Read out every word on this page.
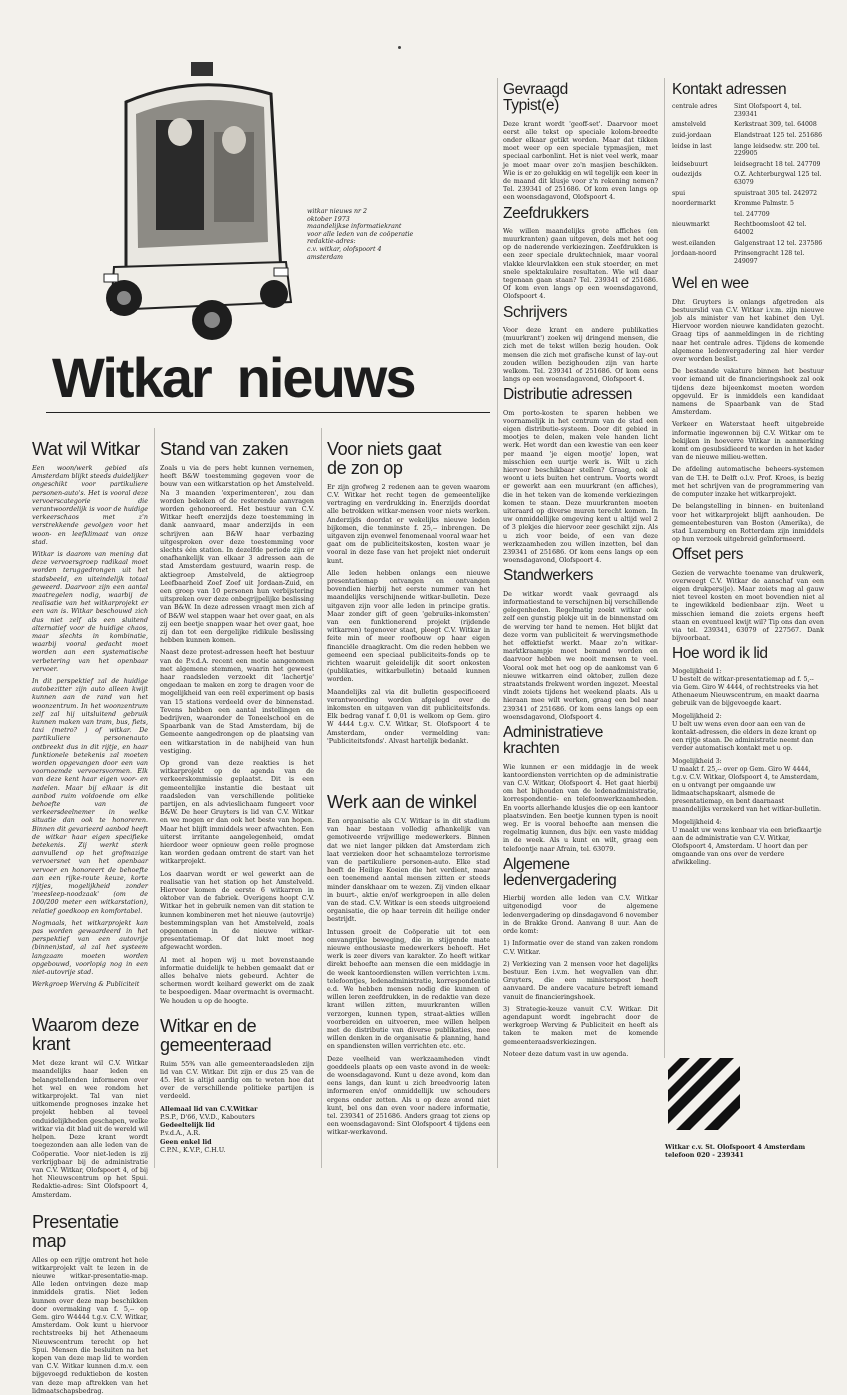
witkar nieuws nr 2
oktober 1973
maandelijkse informatiekrant
voor alle leden van de coöperatie
redaktie-adres:
c.v. witkar, olofspoort 4
amsterdam
Witkar nieuws
Wat wil Witkar

Een woon/werk gebied als Amsterdam blijkt steeds duidelijker ongeschikt voor partikuliere personen-auto's. Het is vooral deze vervoerscategorie die verantwoordelijk is voor de huidige verkeerschaos met z'n verstrekkende gevolgen voor het woon- en leefklimaat van onze stad.

Witkar is daarom van mening dat deze vervoersgroep radikaal moet worden teruggedrongen uit het stadsbeeld, en uiteindelijk totaal geweerd. Daarvoor zijn een aantal maatregelen nodig, waarbij de realisatie van het witkarprojekt er een van is. Witkar beschouwd zich dus niet zelf als een sluitend alternatief voor de huidige chaos, maar slechts in kombinatie, waarbij vooral gedacht moet worden aan een systematische verbetering van het openbaar vervoer.

In dit perspektief zal de huidige autobezitter zijn auto alleen kwijt kunnen aan de rand van het woonzentrum. In het woonzentrum zelf zal hij uitsluitend gebruik kunnen maken van tram, bus, fiets, taxi (metro? ) of witkar. De partikuliere personenauto ontbreekt dus in dit rijtje, en haar funktionele betekenis zal moeten worden opgevangen door een van voornoemde vervoersvormen. Elk van deze kent haar eigen voor- en nadelen. Maar bij elkaar is dit aanbod ruim voldoende om elke behoefte van de verkeersdeelnemer in welke situatie dan ook te honoreren. Binnen dit gevarieerd aanbod heeft de witkar haar eigen specifieke betekenis. Zij werkt sterk aanvullend op het grofmazige vervoersnet van het openbaar vervoer en honoreert de behoefte aan een rijke-route keuze, korte rijtjes, mogelijkheid zonder 'meesleep-noodzaak' (om de 100/200 meter een witkarstation), relatief goedkoop en komfortabel.

Nogmaals, het witkarprojekt kan pas worden gewaardeerd in het perspektief van een autovrije (binnen)stad, al zal het systeem langzaam moeten worden opgebouwd, voorlopig nog in een niet-autovrije stad.

Werkgroep Werving & Publiciteit

Waarom deze krant

Met deze krant wil C.V. Witkar maandelijks haar leden en belangstellenden informeren over het wel en wee rondom het witkarprojekt. Tal van niet uitkomende prognoses inzake het projekt hebben al teveel onduidelijkheden geschapen, welke witkar via dit blad uit de wereld wil helpen. Deze krant wordt toegezonden aan alle leden van de Coöperatie. Voor niet-leden is zij verkrijgbaar bij de administratie van C.V. Witkar, Olofspoort 4, of bij het Nieuwscentrum op het Spui. Redaktie-adres: Sint Olofspoort 4, Amsterdam.

Presentatie map

Alles op een rijtje omtrent het hele witkarprojekt valt te lezen in de nieuwe witkar-presentatie-map. Alle leden ontvingen deze map inmiddels gratis. Niet leden kunnen over deze map beschikken door overmaking van f. 5,-- op Gem. giro W4444 t.g.v. C.V. Witkar, Amsterdam. Ook kunt u hiervoor rechtstreeks bij het Athenaeum Nieuwscentrum terecht op het Spui. Mensen die besluiten na het kopen van deze map lid te worden van C.V. Witkar kunnen d.m.v. een bijgevoegd reduktiebon de kosten van deze map aftrekken van het lidmaatschapsbedrag.

Stand van zaken

Zoals u via de pers hebt kunnen vernemen, heeft B&W toestemming gegeven voor de bouw van een witkarstation op het Amstelveld. Na 3 maanden 'experimenteren', zou dan worden bekeken of de resterende aanvragen worden gehonoreerd. Het bestuur van C.V. Witkar heeft enerzijds deze toestemming in dank aanvaard, maar anderzijds in een schrijven aan B&W haar verbazing uitgesproken over deze toestemming voor slechts één station. In dezelfde periode zijn er onafhankelijk van elkaar 3 adressen aan de stad Amsterdam gestuurd, waarin resp. de aktiegroep Amstelveld, de aktiegroep Leefbaarheid Zoef Zoef uit Jordaan-Zuid, en een groep van 10 personen hun verbijstering uitspreken over deze onbegrijpelijke beslissing van B&W. In deze adressen vraagt men zich af of B&W wel stappen waar het over gaat, en als zij een beetje snappen waar het over gaat, hoe zij dan tot een dergelijke ridikule beslissing hebben kunnen komen.

Naast deze protest-adressen heeft het bestuur van de P.v.d.A. recent een motie aangenomen met algemene stemmen, waarin het geweest haar raadsleden verzoekt dit 'lachertje' ongedaan te maken en zorg te dragen voor de mogelijkheid van een reël experiment op basis van 15 stations verdeeld over de binnenstad. Tevens hebben een aantal instellingen en bedrijven, waaronder de Toneelschool en de Spaarbank van de Stad Amsterdam, bij de Gemeente aangedrongen op de plaatsing van een witkarstation in de nabijheid van hun vestiging.

Op grond van deze reakties is het witkarprojekt op de agenda van de verkeerskommissie geplaatst. Dit is een gemeentelijke instantie die bestaat uit raadsleden van verschillende politieke partijen, en als adviesliсhaam fungeert voor B&W. De heer Gruyters is lid van C.V. Witkar en we mogen er dan ook het beste van hopen. Maar het blijft immiddels weer afwachten. Een uiterst irritante aangelegenheid, omdat hierdoor weer opnieuw geen reële prognose kan worden gedaan omtrent de start van het witkarprojekt.

Los daarvan wordt er wel gewerkt aan de realisatie van het station op het Amstelveld. Hiervoor komen de eerste 6 witkarren in oktober van de fabriek. Overigens hoopt C.V. Witkar het in gebruik nemen van dit station te kunnen kombineren met het nieuwe (autovrije) bestemmingsplan van het Amstelveld, zoals opgenomen in de nieuwe witkar-presentatiemap. Of dat lukt moet nog afgewacht worden.

Al met al hopen wij u met bovenstaande informatie duidelijk te hebben gemaakt dat er alles behalve niets gebeurd. Achter de schermen wordt keihard gewerkt om de zaak te bespoedigen. Maar overmacht is overmacht. We houden u op de hoogte.

Witkar en de gemeenteraad

Ruim 55% van alle gemeenteraadsleden zijn lid van C.V. Witkar. Dit zijn er dus 25 van de 45. Het is altijd aardig om te weten hoe dat over de verschillende politieke partijen is verdeeld.

Allemaal lid van C.V.Witkar
P.S.P., D'66, V.V.D., Kabouters
Gedeeltelijk lid
P.v.d.A., A.R.
Geen enkel lid
C.P.N., K.V.P., C.H.U.
Voor niets gaat de zon op

Er zijn grofweg 2 redenen aan te geven waarom C.V. Witkar het recht tegen de gemeentelijke vertraging en verdrukking in. Enerzijds doordat alle betrokken witkar-mensen voor niets werken. Anderzijds doordat er wekelijks nieuwe leden bijkomen, die tenminste f. 25,-- inbrengen. De uitgaven zijn evenwel fenomenaal vooral waar het gaat om de publiciteitskosten, kosten waar je vooral in deze fase van het projekt niet onderuit kunt.

Alle leden hebben onlangs een nieuwe presentatiemap ontvangen en ontvangen bovendien hierbij het eerste nummer van het maandelijks verschijnende witkar-bulletin. Deze uitgaven zijn voor alle leden in principe gratis. Maar zonder gift of geen 'gebruiks-inkomsten' van een funktionerend projekt (rijdende witkarren) tegenover staat, pleegt C.V. Witkar in feite min of meer roofbouw op haar eigen financiële draagkracht. Om die reden hebben we gemeend een speciaal publiciteits-fonds op te richten waaruit geleidelijk dit soort onkosten (publikaties, witkarbulletin) betaald kunnen worden.

Maandelijks zal via dit bulletin gespecificeerd verantwoording worden afgelegd over de inkomsten en uitgaven van dit publiciteitsfonds. Elk bedrag vanaf f. 0,01 is welkom op Gem. giro W 4444 t.g.v. C.V. Witkar, St. Olofspoort 4 te Amsterdam, onder vermelding van: 'Publiciteitsfonds'. Alvast hartelijk bedankt.

Werk aan de winkel

Een organisatie als C.V. Witkar is in dit stadium van haar bestaan volledig afhankelijk van gemotiveerde vrijwillige medewerkers. Binnen dat we niet langer pikken dat Amsterdam zich laat verziekеn door het schaamteloze terrorisme van de partikuliere personen-auto. Elke stad heeft de Heilige Koeien die het verdient, maar een toenemend aantal mensen zitten er steeds minder danskhaar om te wezen. Zij vinden elkaar in buurt-, aktie en/of werkgroepen in alle delen van de stad. C.V. Witkar is een steeds uitgroeiend organisatie, die op haar terrein dit heilige onder bestrijdt.

Intussen groeit de Coöperatie uit tot een omvangrijke beweging, die in stijgende mate nieuwe enthousiaste medewerkers behoeft. Het werk is zeer divers van karakter. Zo heeft witkar direkt behoefte aan mensen die een middagje in de week kantoordiensten willen verrichten i.v.m. telefoontjes, ledenadministratie, korrespondentie e.d. We hebben mensen nodig die kunnen of willen leren zeefdrukken, in de redaktie van deze krant willen zitten, muurkranten willen verzorgen, kunnen typen, straat-akties willen voorbereiden en uitvoeren, mee willen helpen met de distributie van diverse publikaties, mee willen denken in de organisatie & planning, hand en spandiensten willen verrichten etc. etc.

Deze veelheid van werkzaamheden vindt goeddeels plaats op een vaste avond in de week: de woensdagavond. Kunt u deze avond, kom dan eens langs, dan kunt u zich breedvoorig laten informeren en/of onmiddellijk uw schouders ergens onder zetten. Als u op deze avond niet kunt, bel ons dan even voor nadere informatie, tel. 239341 of 251686. Anders graag tot ziens op een woensdagavond: Sint Olofspoort 4 tijdens een witkar-werkavond.

Gevraagd Typist(e)

Deze krant wordt 'geoff-set'. Daarvoor moet eerst alle tekst op speciale kolom-breedte onder elkaar getikt worden. Maar dat tikken moet weer op een speciale typmasjien, met speciaal carbonlint. Het is niet veel werk, maar je moet maar over zo'n masjien beschikken. Wie is er zo gelukkig en wil tegelijk een keer in de maand dit klusje voor z'n rekening nemen? Tel. 239341 of 251686. Of kom even langs op een woensdagavond, Olofspoort 4.

Zeefdrukkers

We willen maandelijks grote affiches (en muurkranten) gaan uitgeven, dels met het oog op de naderende verkiezingen. Zeefdrukken is een zeer speciale druktechniek, maar vooral vlakke kleurvlakken een stuk stoerder, en met snele spektakulaire resultaten. Wie wil daar tegenaan gaan staan? Tel. 239341 of 251686. Of kom even langs op een woensdagavond, Olofspoort 4.

Schrijvers

Voor deze krant en andere publikaties (muurkrant') zoeken wij dringend mensen, die zich met de tekst willen bezig houden. Ook mensen die zich met grafische kunst of lay-out zouden willen bezighouden zijn van harte welkom. Tel. 239341 of 251686. Of kom eens langs op een woensdagavond, Olofspoort 4.

Distributie adressen

Om porto-kosten te sparen hebben we voornamelijk in het centrum van de stad een eigen distributie-systeem. Door dit gebied in mootjes te delen, maken vele handen licht werk. Het wordt dan een kwestie van een keer per maand 'je eigen mооtje' lopen, wat misschien een uurtje werk is. Wilt u zich hiervoor beschikbaar stellen? Graag, ook al woont u iets buiten het centrum. Voorts wordt er gewerkt aan een muurkrant (en affiches), die in het teken van de komende verkiezingen komen te staan. Deze muurkranten moeten uiteraard op diverse muren terecht komen. In uw onmiddellijke omgeving kent u altijd wel 2 of 3 plekjes die hiervoor zeer geschikt zijn. Als u zich voor beide, of een van deze werkzaamheden zou willen inzetten, bel dan 239341 of 251686. Of kom eens langs op een woensdagavond, Olofspoort 4.

Standwerkers

De witkar wordt vaak gevraagd als informatiestand te verschijnen bij verschillende gelegenheden. Regelmatig zoekt witkar ook zelf een gunstig plekje uit in de binnenstad om de werving ter hand te nemen. Het blijkt dat deze vorm van publiciteit & wervingsmethode het effektiefst werkt. Maar zo'n witkar-marktkraampje moet bemand worden en daarvoor hebben we nooit mensen te veel. Vooral ook met het oog op de aankomst van 6 nieuwe witkarren eind oktober, zullen deze straatstands frekwent worden ingezet. Meestal vindt zoiets tijdens het weekend plaats. Als u hieraan mee wilt werken, graag een bel naar 239341 of 251686. Of kom eens langs op een woensdagavond, Olofspoort 4.

Administratieve krachten

Wie kunnen er een middagje in de week kantoordiensten verrichten op de administratie van C.V. Witkar, Olofspoort 4. Het gaat hierbij om het bijhouden van de ledenadministratie, korrespondentie- en telefoonwerkzaamheden. En voorts allerhande klusjes die op een kantoor plaatsvinden. Een beetje kunnen typen is nooit weg. Er is vooral behoefte aan mensen die regelmatig kunnen, dus bijv. een vaste middag in de week. Als u kunt en wilt, graag een telefoontje naar Afrain, tel. 63079.

Algemene ledenvergadering

Hierbij worden alle leden van C.V. Witkar uitgenodigd voor de algemene ledenvergadering op dinsdagavond 6 november in de Brakke Grond. Aanvang 8 uur. Aan de orde komt:

1) Informatie over de stand van zaken rondom C.V. Witkar.

2) Verkiezing van 2 mensen voor het dagelijks bestuur. Een i.v.m. het wegvallen van dhr. Gruyters, die een ministerspost heeft aanvaard. De andere vacature betreft iemand vanuit de financieringshoek.

3) Strategie-keuze vanuit C.V. Witkar. Dit agendapunt wordt ingebracht door de werkgroep Werving & Publiciteit en heeft als taken te maken met de komende gemeenteraadsverkiezingen.

Noteer deze datum vast in uw agenda.

Kontakt adressen
centrale adres	Sint Olofspoort 4, tel. 239341
amstelveld	Kerkstraat 309, tel. 64008
zuid-jordaan	Elandstraat 125 tel. 251686
leidse in last	lange leidsedw. str. 200 tel. 229905
leidsebuurt	leidsegracht 18 tel. 247709
oudezijds	O.Z. Achterburgwal 125 tel. 63079
spui	spuistraat 305 tel. 242972
noordermarkt	Kromme Palmstr. 5
	tel. 247709
nieuwmarkt	Rechtboomsloot 42 tel. 64002
west.eilanden	Galgenstraat 12 tel. 237586
jordaan-noord	Prinsengracht 128 tel. 249097
Wel en wee

Dhr. Gruyters is onlangs afgetreden als bestuurslid van C.V. Witkar i.v.m. zijn nieuwe job als minister van het kabinet den Uyl. Hiervoor worden nieuwe kandidaten gezocht. Graag tips of aanmeldingen in de richting naar het centrale adres. Tijdens de komende algemene ledenvergadering zal hier verder over worden beslist.

De bestaande vakature binnen het bestuur voor iemand uit de financieringshoek zal ook tijdens deze bijeenkomst moeten worden opgevuld. Er is inmiddels een kandidaat namens de Spaarbank van de Stad Amsterdam.

Verkeer en Waterstaat heeft uitgebreide informatie ingewonnen bij C.V. Witkar om te bekijken in hoeverre Witkar in aanmerking komt om gesubsidieerd te worden in het kader van de nieuwe milieu-wetten.

De afdeling automatische beheers-systemen van de T.H. te Delft o.l.v. Prof. Kroes, is bezig met het schrijven van de programmering van de computer inzake het witkarprojekt.

De belangstelling in binnen- en buitenland voor het witkarprojekt blijft aanhouden. De gemeentebesturen van Boston (Amerika), de stad Luzemburg en Rotterdam zijn inmiddels op hun verzoek uitgebreid geïnformeerd.

Offset pers

Gezien de verwachte toename van drukwerk, overweegt C.V. Witkar de aanschaf van een eigen drukpers(je). Maar zoiets mag al gauw niet teveel kosten en moet bovendien niet al te ingewikkeld bedienbaar zijn. Weet u misschien iemand die zoiets ergens heeft staan en eventueel kwijt wil? Tip ons dan even via tel. 239341, 63079 of 227567. Dank bijvoorbaat.

Hoe word ik lid
Mogelijkheid 1:
U bestelt de witkar-presentatiemap ad f. 5,-- via Gem. Giro W 4444, of rechtstreeks via het Athenaeum Nieuwscentrum, en maakt daarna gebruik van de bijgevoegde kaart.
Mogelijkheid 2:
U belt uw wens even door aan een van de kontakt-adressen, die elders in deze krant op een rijtje staan. De administratie neemt dan verder automatisch kontakt met u op.
Mogelijkheid 3:
U maakt f. 25,-- over op Gem. Giro W 4444, t.g.v. C.V. Witkar, Olofspoort 4, te Amsterdam, en u ontvangt per omgaande uw lidmaatschapskaart, alsmede de presentatiemap, en bent daarnaast maandelijks verzekerd van het witkar-bulletin.
Mogelijkheid 4:
U maakt uw wens kenbaar via een briefkaartje aan de administratie van C.V. Witkar, Olofspoort 4, Amsterdam. U hoort dan per omgaande van ons over de verdere afwikkeling.
Witkar c.v. St. Olofspoort 4 Amsterdam
telefoon 020 - 239341
